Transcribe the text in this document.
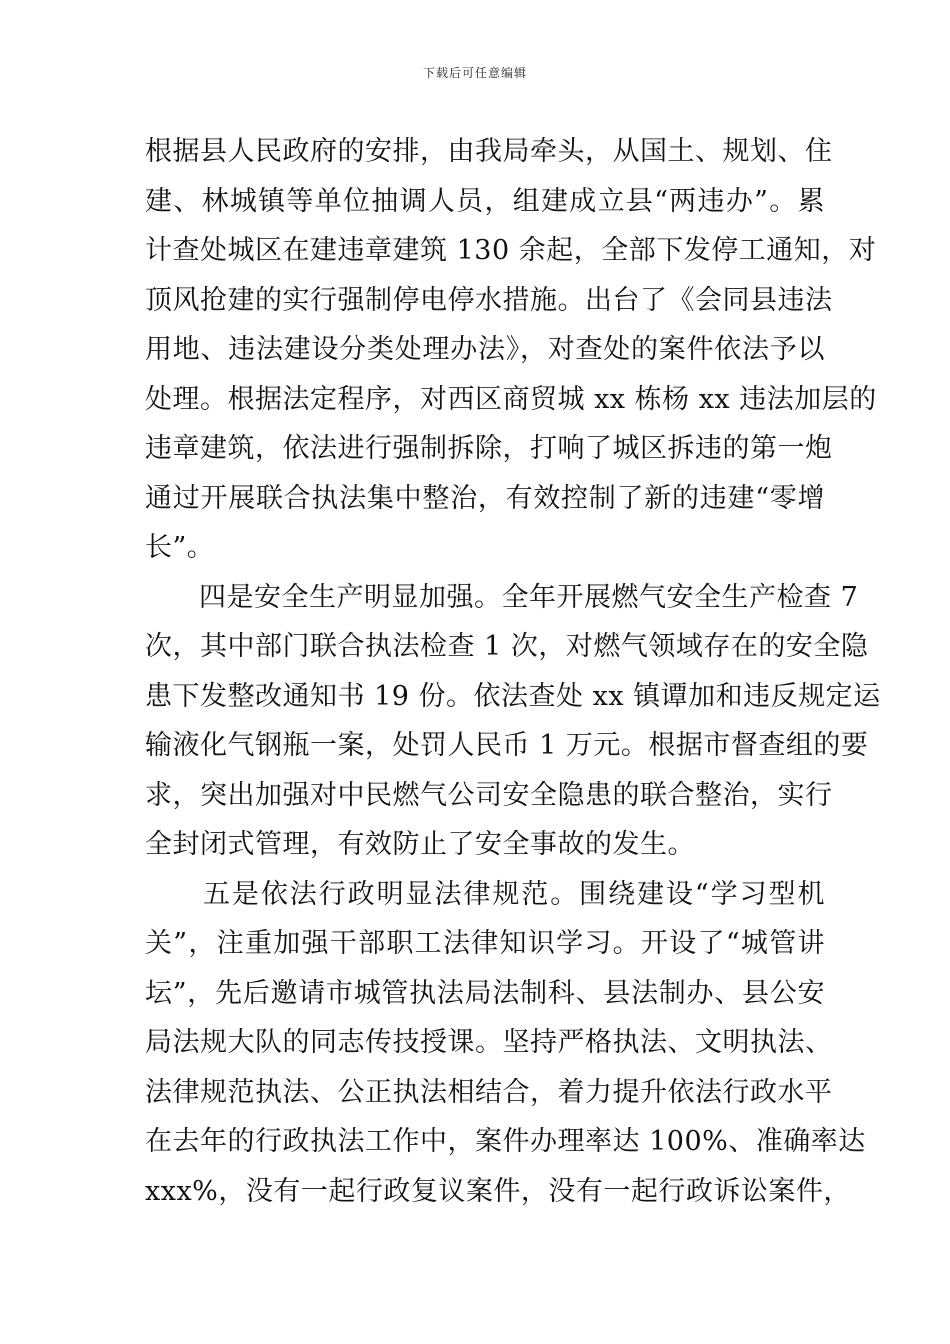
下载后可任意编辑
根据县人民政府的安排，由我局牵头，从国土、规划、住
建、林城镇等单位抽调人员，组建成立县“两违办”。累
计查处城区在建违章建筑 130 余起，全部下发停工通知，对
顶风抢建的实行强制停电停水措施。出台了《会同县违法
用地、违法建设分类处理办法》，对查处的案件依法予以
处理。根据法定程序，对西区商贸城 xx 栋杨 xx 违法加层的
违章建筑，依法进行强制拆除，打响了城区拆违的第一炮
通过开展联合执法集中整治，有效控制了新的违建“零增
长”。
四是安全生产明显加强。全年开展燃气安全生产检查 7
次，其中部门联合执法检查 1 次，对燃气领域存在的安全隐
患下发整改通知书 19 份。依法查处 xx 镇谭加和违反规定运
输液化气钢瓶一案，处罚人民币 1 万元。根据市督查组的要
求，突出加强对中民燃气公司安全隐患的联合整治，实行
全封闭式管理，有效防止了安全事故的发生。
五是依法行政明显法律规范。围绕建设“学习型机
关”，注重加强干部职工法律知识学习。开设了“城管讲
坛”，先后邀请市城管执法局法制科、县法制办、县公安
局法规大队的同志传技授课。坚持严格执法、文明执法、
法律规范执法、公正执法相结合，着力提升依法行政水平
在去年的行政执法工作中，案件办理率达 100%、准确率达
xxx%，没有一起行政复议案件，没有一起行政诉讼案件，
